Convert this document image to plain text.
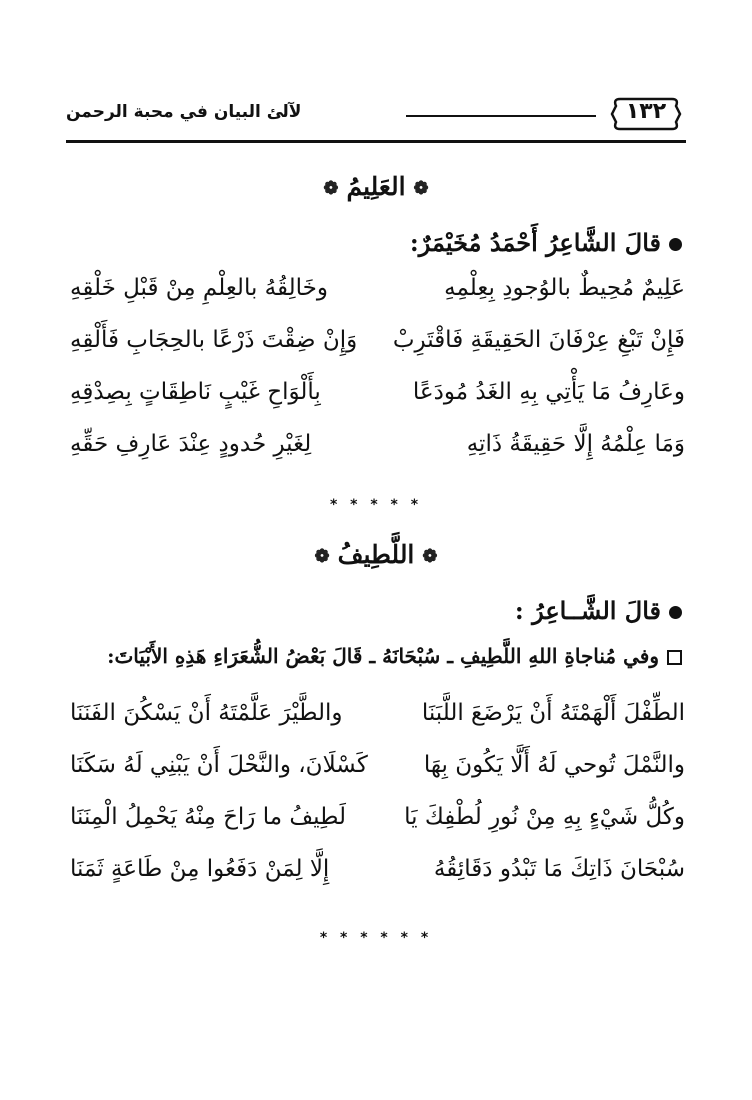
١٣٢
لآلئ البيان في محبة الرحمن
❁العَلِيمُ❁
قالَ الشَّاعِرُ أَحْمَدُ مُخَيْمَرٌ:
عَلِيمٌ مُحِيطٌ بالوُجودِ بِعِلْمِهِ
وخَالِقُهُ بالعِلْمِ مِنْ قَبْلِ خَلْقِهِ
فَإِنْ تَبْغِ عِرْفَانَ الحَقِيقَةِ فَاقْتَرِبْ
وَإِنْ ضِقْتَ ذَرْعًا بالحِجَابِ فَأَلْقِهِ
وعَارِفُ مَا يَأْتِي بِهِ الغَدُ مُودَعًا
بِأَلْوَاحِ غَيْبٍ نَاطِقَاتٍ بِصِدْقِهِ
وَمَا عِلْمُهُ إِلَّا حَقِيقَةُ ذَاتِهِ
لِغَيْرِ حُدودٍ عِنْدَ عَارِفِ حَقِّهِ
* * * * *
❁اللَّطِيفُ❁
قالَ الشَّــاعِرُ :
وفي مُناجاةِ اللهِ اللَّطِيفِ ـ سُبْحَانَهُ ـ قَالَ بَعْضُ الشُّعَرَاءِ هَذِهِ الأَبْيَاتَ:
الطِّفْلَ أَلْهَمْتَهُ أَنْ يَرْضَعَ اللَّبَنَا
والطَّيْرَ عَلَّمْتَهُ أَنْ يَسْكُنَ الفَنَنَا
والنَّمْلَ تُوحي لَهُ أَلَّا يَكُونَ بِهَا
كَسْلَانَ، والنَّحْلَ أَنْ يَبْنِي لَهُ سَكَنَا
وكُلُّ شَيْءٍ بِهِ مِنْ نُورِ لُطْفِكَ يَا
لَطِيفُ ما رَاحَ مِنْهُ يَحْمِلُ الْمِنَنَا
سُبْحَانَ ذَاتِكَ مَا تَبْدُو دَقَائِقُهُ
إِلَّا لِمَنْ دَفَعُوا مِنْ طَاعَةٍ ثَمَنَا
* * * * * *
